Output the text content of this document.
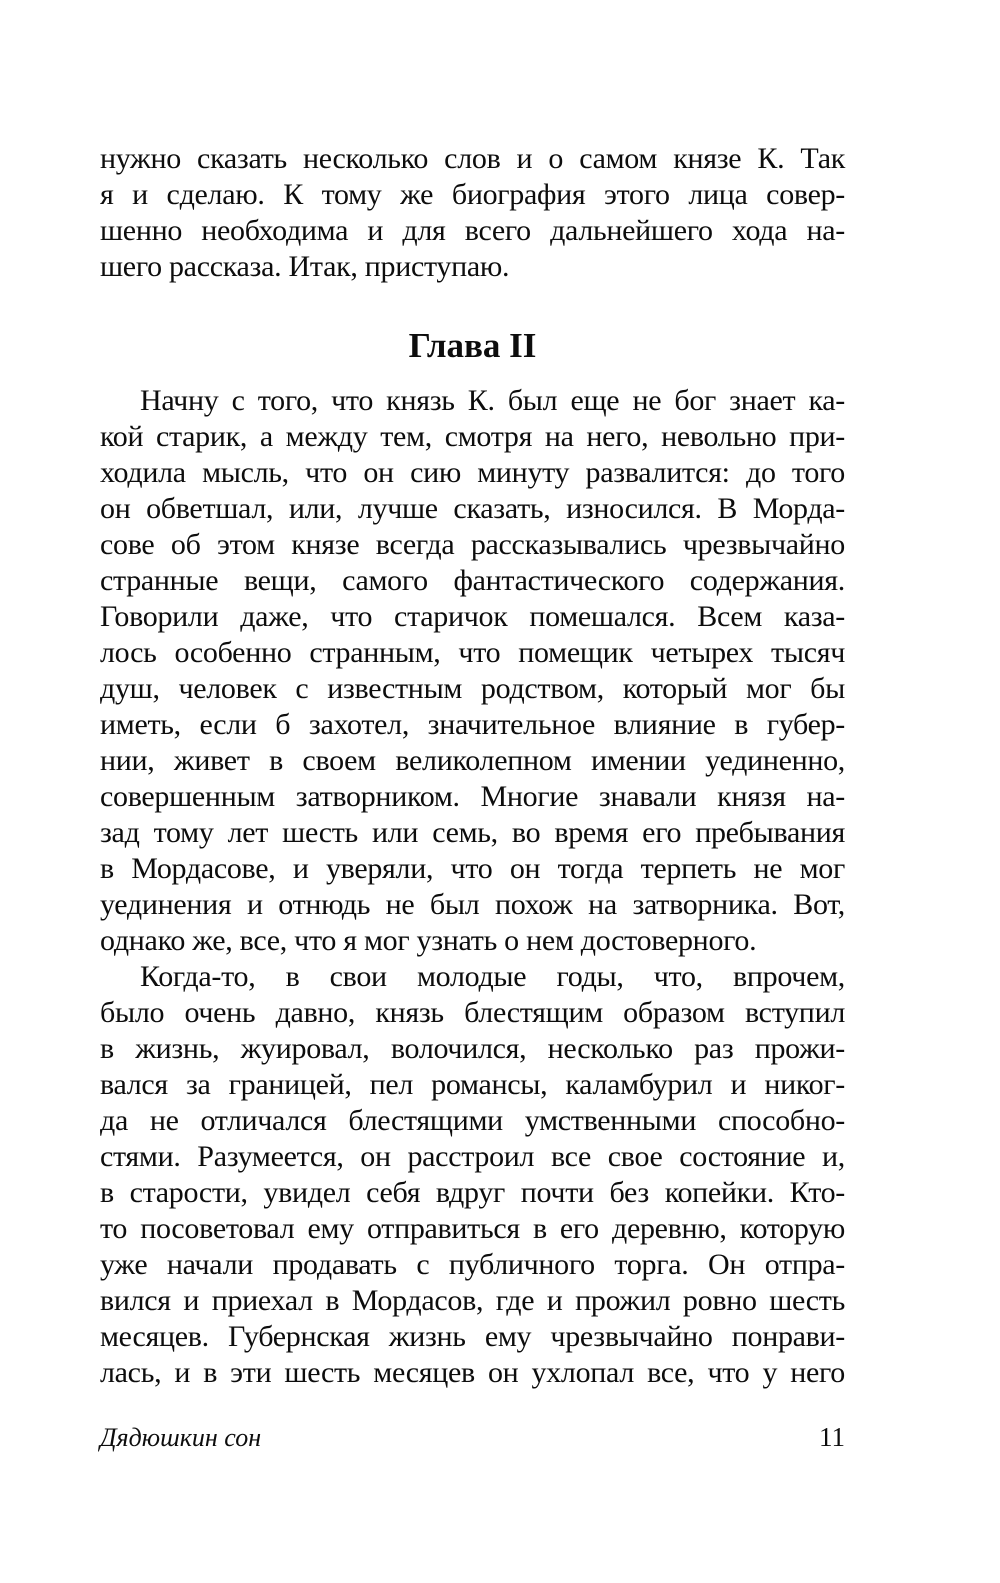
нужно сказать несколько слов и о самом князе К. Так
я и сделаю. К тому же биография этого лица совер-
шенно необходима и для всего дальнейшего хода на-
шего рассказа. Итак, приступаю.
Глава II
Начну с того, что князь К. был еще не бог знает ка-
кой старик, а между тем, смотря на него, невольно при-
ходила мысль, что он сию минуту развалится: до того
он обветшал, или, лучше сказать, износился. В Морда-
сове об этом князе всегда рассказывались чрезвычайно
странные вещи, самого фантастического содержания.
Говорили даже, что старичок помешался. Всем каза-
лось особенно странным, что помещик четырех тысяч
душ, человек с известным родством, который мог бы
иметь, если б захотел, значительное влияние в губер-
нии, живет в своем великолепном имении уединенно,
совершенным затворником. Многие знавали князя на-
зад тому лет шесть или семь, во время его пребывания
в Мордасове, и уверяли, что он тогда терпеть не мог
уединения и отнюдь не был похож на затворника. Вот,
однако же, все, что я мог узнать о нем достоверного.
Когда-то, в свои молодые годы, что, впрочем,
было очень давно, князь блестящим образом вступил
в жизнь, жуировал, волочился, несколько раз прожи-
вался за границей, пел романсы, каламбурил и никог-
да не отличался блестящими умственными способно-
стями. Разумеется, он расстроил все свое состояние и,
в старости, увидел себя вдруг почти без копейки. Кто-
то посоветовал ему отправиться в его деревню, которую
уже начали продавать с публичного торга. Он отпра-
вился и приехал в Мордасов, где и прожил ровно шесть
месяцев. Губернская жизнь ему чрезвычайно понрави-
лась, и в эти шесть месяцев он ухлопал все, что у него
Дядюшкин сон	11
